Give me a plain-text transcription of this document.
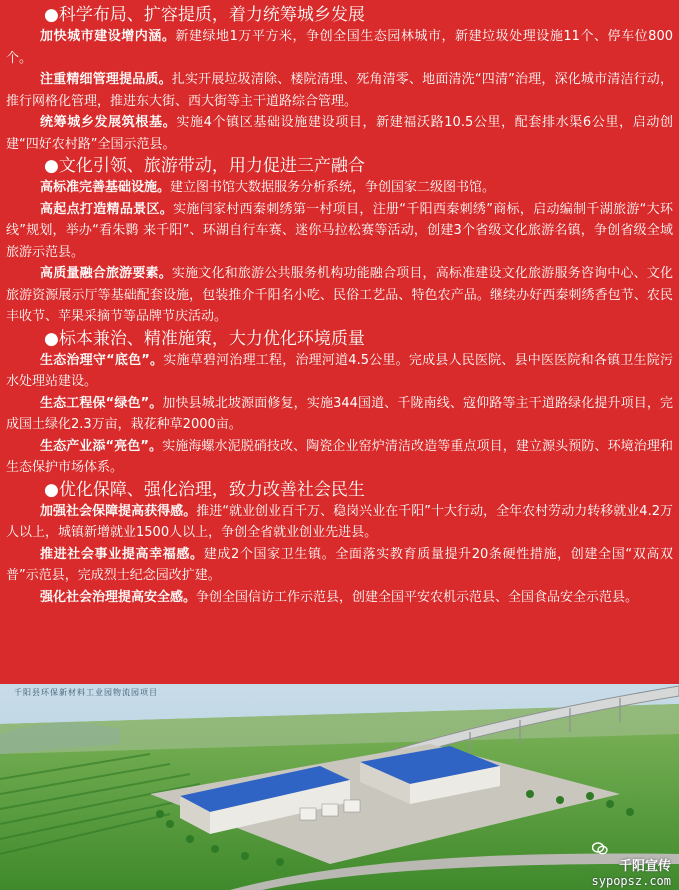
●科学布局、扩容提质，着力统筹城乡发展

加快城市建设增内涵。新建绿地1万平方米，争创全国生态园林城市，新建垃圾处理设施11个、停车位800个。

注重精细管理提品质。扎实开展垃圾清除、楼院清理、死角清零、地面清洗“四清”治理，深化城市清洁行动，推行网格化管理，推进东大街、西大街等主干道路综合管理。

统筹城乡发展筑根基。实施4个镇区基础设施建设项目，新建福沃路10.5公里，配套排水渠6公里，启动创建“四好农村路”全国示范县。

●文化引领、旅游带动，用力促进三产融合

高标准完善基础设施。建立图书馆大数据服务分析系统，争创国家二级图书馆。

高起点打造精品景区。实施闫家村西秦刺绣第一村项目，注册“千阳西秦刺绣”商标，启动编制千湖旅游“大环线”规划，举办“看朱鹮 来千阳”、环湖自行车赛、迷你马拉松赛等活动，创建3个省级文化旅游名镇，争创省级全域旅游示范县。

高质量融合旅游要素。实施文化和旅游公共服务机构功能融合项目，高标准建设文化旅游服务咨询中心、文化旅游资源展示厅等基础配套设施，包装推介千阳名小吃、民俗工艺品、特色农产品。继续办好西秦刺绣香包节、农民丰收节、苹果采摘节等品牌节庆活动。

●标本兼治、精准施策，大力优化环境质量

生态治理守“底色”。实施草碧河治理工程，治理河道4.5公里。完成县人民医院、县中医医院和各镇卫生院污水处理站建设。

生态工程保“绿色”。加快县城北坡源面修复，实施344国道、千陇南线、寇仰路等主干道路绿化提升项目，完成国土绿化2.3万亩，栽花种草2000亩。

生态产业添“亮色”。实施海螺水泥脱硝技改、陶瓷企业窑炉清洁改造等重点项目，建立源头预防、环境治理和生态保护市场体系。

●优化保障、强化治理，致力改善社会民生

加强社会保障提高获得感。推进“就业创业百千万、稳岗兴业在千阳”十大行动，全年农村劳动力转移就业4.2万人以上，城镇新增就业1500人以上，争创全省就业创业先进县。

推进社会事业提高幸福感。建成2个国家卫生镇。全面落实教育质量提升20条硬性措施，创建全国“双高双普”示范县，完成烈士纪念园改扩建。

强化社会治理提高安全感。争创全国信访工作示范县，创建全国平安农机示范县、全国食品安全示范县。

千阳县环保新材料工业园物流园项目
千阳宣传
sypopsz.com
